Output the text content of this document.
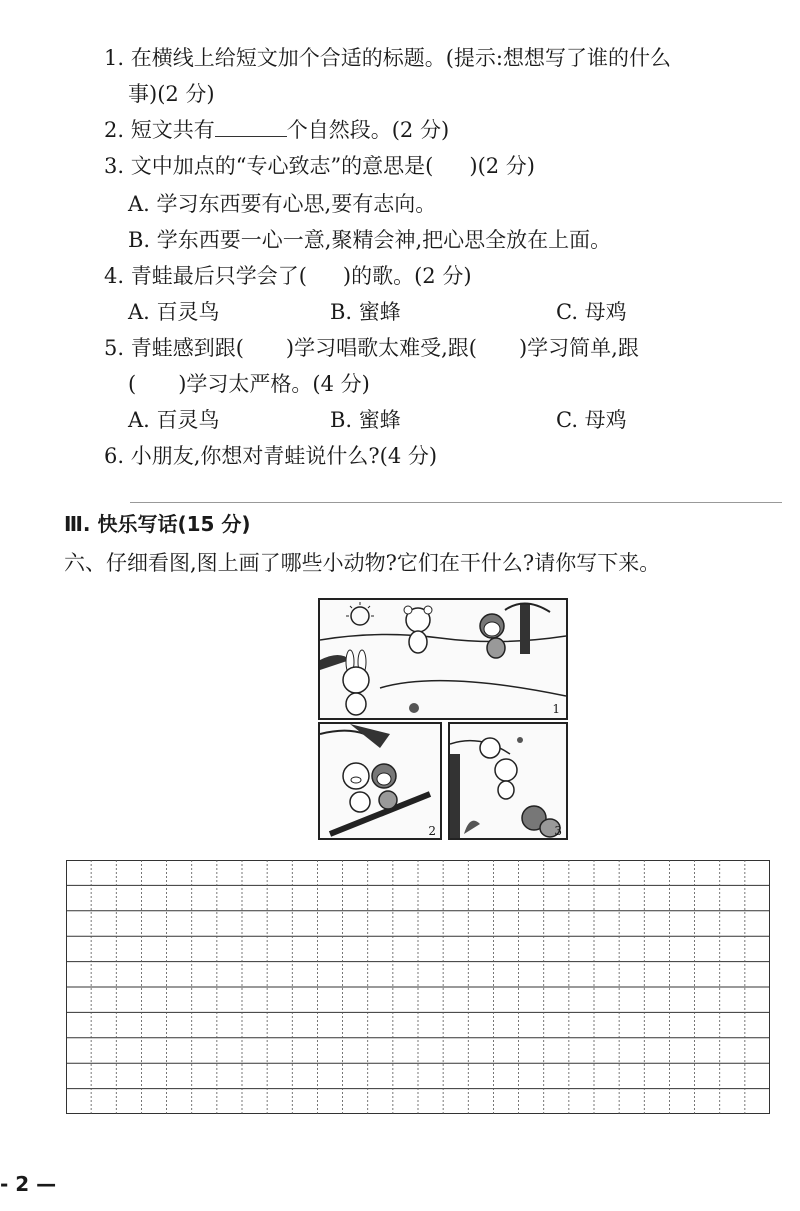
1. 在横线上给短文加个合适的标题。(提示:想想写了谁的什么
事)(2 分)
2. 短文共有	个自然段。(2 分)
3. 文中加点的“专心致志”的意思是( )(2 分)
A. 学习东西要有心思,要有志向。
B. 学东西要一心一意,聚精会神,把心思全放在上面。
4. 青蛙最后只学会了( )的歌。(2 分)
A. 百灵鸟	B. 蜜蜂	C. 母鸡
5. 青蛙感到跟( )学习唱歌太难受,跟( )学习简单,跟
( )学习太严格。(4 分)
A. 百灵鸟	B. 蜜蜂	C. 母鸡
6. 小朋友,你想对青蛙说什么?(4 分)
Ⅲ. 快乐写话(15 分)
六、仔细看图,图上画了哪些小动物?它们在干什么?请你写下来。
1
2	3
- 2 —
